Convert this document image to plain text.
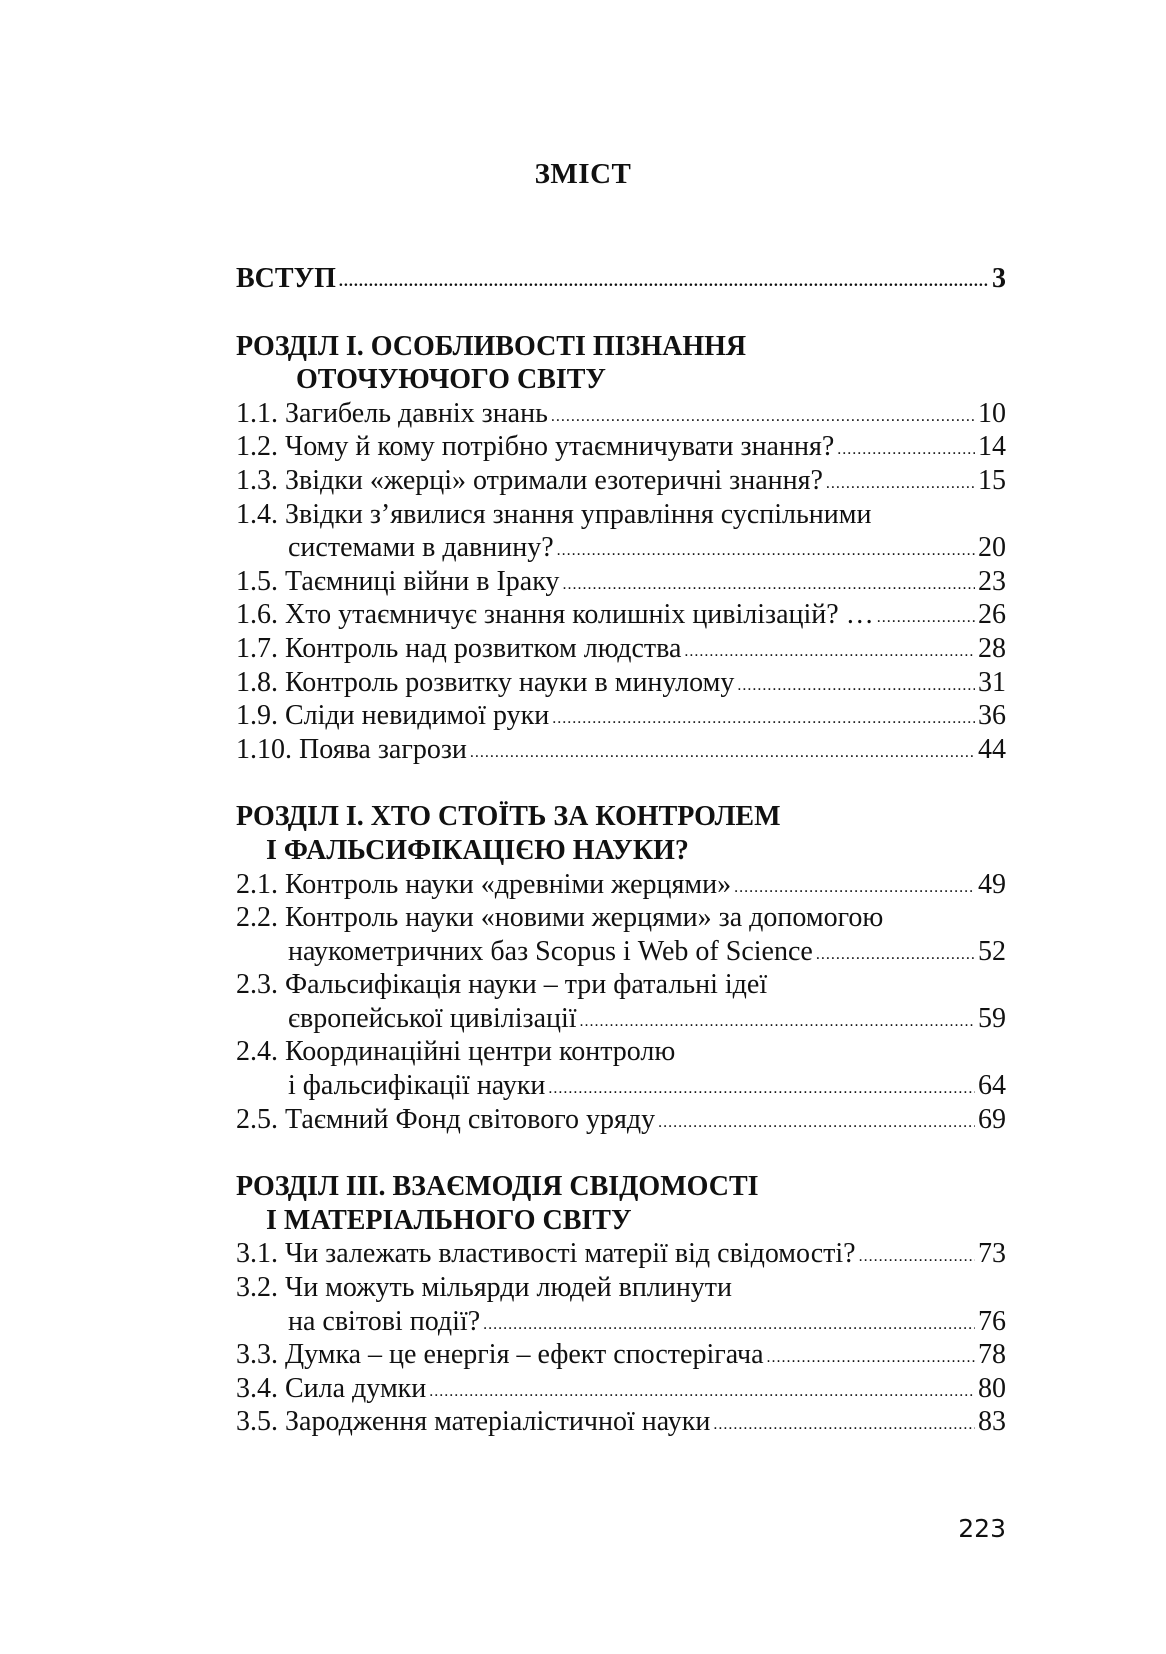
ЗМІСТ
ВСТУП .....	3
РОЗДІЛ І. ОСОБЛИВОСТІ ПІЗНАННЯ
ОТОЧУЮЧОГО СВІТУ
1.1. Загибель давніх знань .....	10
1.2. Чому й кому потрібно утаємничувати знання? .....	14
1.3. Звідки «жерці» отримали езотеричні знання? .....	15
1.4. Звідки з’явилися знання управління суспільними
системами в давнину? .....	20
1.5. Таємниці війни в Іраку .....	23
1.6. Хто утаємничує знання колишніх цивілізацій? … .....	26
1.7. Контроль над розвитком людства .....	28
1.8. Контроль розвитку науки в минулому .....	31
1.9. Сліди невидимої руки .....	36
1.10. Поява загрози .....	44
РОЗДІЛ І. ХТО СТОЇТЬ ЗА КОНТРОЛЕМ
І ФАЛЬСИФІКАЦІЄЮ НАУКИ?
2.1. Контроль науки «древніми жерцями» .....	49
2.2. Контроль науки «новими жерцями» за допомогою
наукометричних баз Scopus і Web of Science .....	52
2.3. Фальсифікація науки – три фатальні ідеї
європейської цивілізації .....	59
2.4. Координаційні центри контролю
і фальсифікації науки .....	64
2.5. Таємний Фонд світового уряду .....	69
РОЗДІЛ ІІІ. ВЗАЄМОДІЯ СВІДОМОСТІ
І МАТЕРІАЛЬНОГО СВІТУ
3.1. Чи залежать властивості матерії від свідомості? .....	73
3.2. Чи можуть мільярди людей вплинути
на світові події? .....	76
3.3. Думка – це енергія – ефект спостерігача .....	78
3.4. Сила думки .....	80
3.5. Зародження матеріалістичної науки .....	83
223
